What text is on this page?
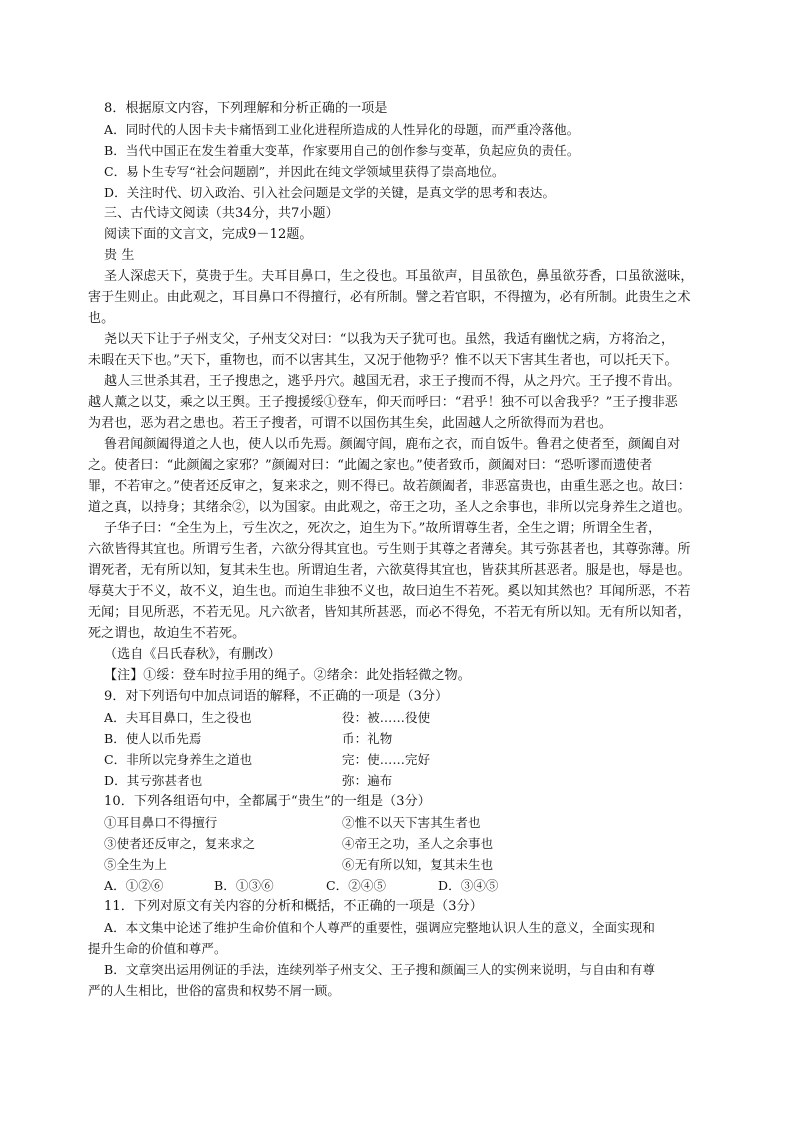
8．根据原文内容，下列理解和分析正确的一项是
A．同时代的人因卡夫卡痛悟到工业化进程所造成的人性异化的母题，而严重冷落他。
B．当代中国正在发生着重大变革，作家要用自己的创作参与变革，负起应负的责任。
C．易卜生专写“社会问题剧”，并因此在纯文学领域里获得了崇高地位。
D．关注时代、切入政治、引入社会问题是文学的关键，是真文学的思考和表达。
三、古代诗文阅读（共34分，共7小题）
阅读下面的文言文，完成9－12题。
贵 生
圣人深虑天下，莫贵于生。夫耳目鼻口，生之役也。耳虽欲声，目虽欲色，鼻虽欲芬香，口虽欲滋味，
害于生则止。由此观之，耳目鼻口不得擅行，必有所制。譬之若官职，不得擅为，必有所制。此贵生之术
也。
尧以天下让于子州支父，子州支父对曰：“以我为天子犹可也。虽然，我适有幽忧之病，方将治之，
未暇在天下也。”天下，重物也，而不以害其生，又况于他物乎？惟不以天下害其生者也，可以托天下。
越人三世杀其君，王子搜患之，逃乎丹穴。越国无君，求王子搜而不得，从之丹穴。王子搜不肯出。
越人薰之以艾，乘之以王舆。王子搜援绥①登车，仰天而呼曰：“君乎！独不可以舍我乎？”王子搜非恶
为君也，恶为君之患也。若王子搜者，可谓不以国伤其生矣，此固越人之所欲得而为君也。
鲁君闻颜阖得道之人也，使人以币先焉。颜阖守闾，鹿布之衣，而自饭牛。鲁君之使者至，颜阖自对
之。使者曰：“此颜阖之家邪？”颜阖对曰：“此阖之家也。”使者致币，颜阖对曰：“恐听谬而遗使者
罪，不若审之。”使者还反审之，复来求之，则不得已。故若颜阖者，非恶富贵也，由重生恶之也。故曰：
道之真，以持身；其绪余②，以为国家。由此观之，帝王之功，圣人之余事也，非所以完身养生之道也。
子华子曰：“全生为上，亏生次之，死次之，迫生为下。”故所谓尊生者，全生之谓；所谓全生者，
六欲皆得其宜也。所谓亏生者，六欲分得其宜也。亏生则于其尊之者薄矣。其亏弥甚者也，其尊弥薄。所
谓死者，无有所以知，复其未生也。所谓迫生者，六欲莫得其宜也，皆获其所甚恶者。服是也，辱是也。
辱莫大于不义，故不义，迫生也。而迫生非独不义也，故曰迫生不若死。奚以知其然也？耳闻所恶，不若
无闻；目见所恶，不若无见。凡六欲者，皆知其所甚恶，而必不得免，不若无有所以知。无有所以知者，
死之谓也，故迫生不若死。
（选自《吕氏春秋》，有删改）
【注】①绥：登车时拉手用的绳子。②绪余：此处指轻微之物。
9．对下列语句中加点词语的解释，不正确的一项是（3分）
A．夫耳目鼻口，生之役也	役：被……役使
B．使人以币先焉	币：礼物
C．非所以完身养生之道也	完：使……完好
D．其亏弥甚者也	弥：遍布
10．下列各组语句中，全都属于“贵生”的一组是（3分）
①耳目鼻口不得擅行	②惟不以天下害其生者也
③使者还反审之，复来求之	④帝王之功，圣人之余事也
⑤全生为上	⑥无有所以知，复其未生也
A．①②⑥	B．①③⑥	C．②④⑤	D．③④⑤
11．下列对原文有关内容的分析和概括，不正确的一项是（3分）
A．本文集中论述了维护生命价值和个人尊严的重要性，强调应完整地认识人生的意义，全面实现和
提升生命的价值和尊严。
B．文章突出运用例证的手法，连续列举子州支父、王子搜和颜阖三人的实例来说明，与自由和有尊
严的人生相比，世俗的富贵和权势不屑一顾。
